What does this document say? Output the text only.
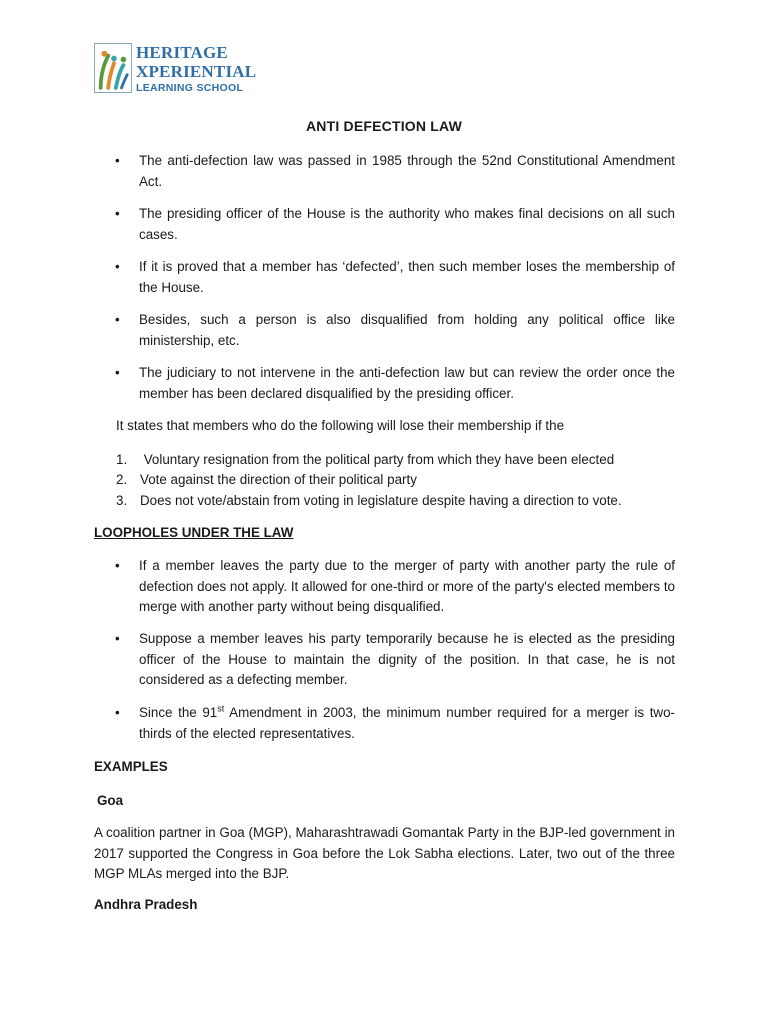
HERITAGE
XPERIENTIAL
LEARNING SCHOOL
ANTI DEFECTION LAW
•	The anti-defection law was passed in 1985 through the 52nd Constitutional Amendment Act.
•	The presiding officer of the House is the authority who makes final decisions on all such cases.
•	If it is proved that a member has ‘defected’, then such member loses the membership of the House.
•	Besides, such a person is also disqualified from holding any political office like ministership, etc.
•	The judiciary to not intervene in the anti-defection law but can review the order once the member has been declared disqualified by the presiding officer.
It states that members who do the following will lose their membership if the
1. Voluntary resignation from the political party from which they have been elected
2. Vote against the direction of their political party
3. Does not vote/abstain from voting in legislature despite having a direction to vote.
LOOPHOLES UNDER THE LAW
•	If a member leaves the party due to the merger of party with another party the rule of defection does not apply. It allowed for one-third or more of the party's elected members to merge with another party without being disqualified.
•	Suppose a member leaves his party temporarily because he is elected as the presiding officer of the House to maintain the dignity of the position. In that case, he is not considered as a defecting member.
•	Since the 91st Amendment in 2003, the minimum number required for a merger is two-thirds of the elected representatives.
EXAMPLES
Goa
A coalition partner in Goa (MGP), Maharashtrawadi Gomantak Party in the BJP-led government in 2017 supported the Congress in Goa before the Lok Sabha elections. Later, two out of the three MGP MLAs merged into the BJP.
Andhra Pradesh
